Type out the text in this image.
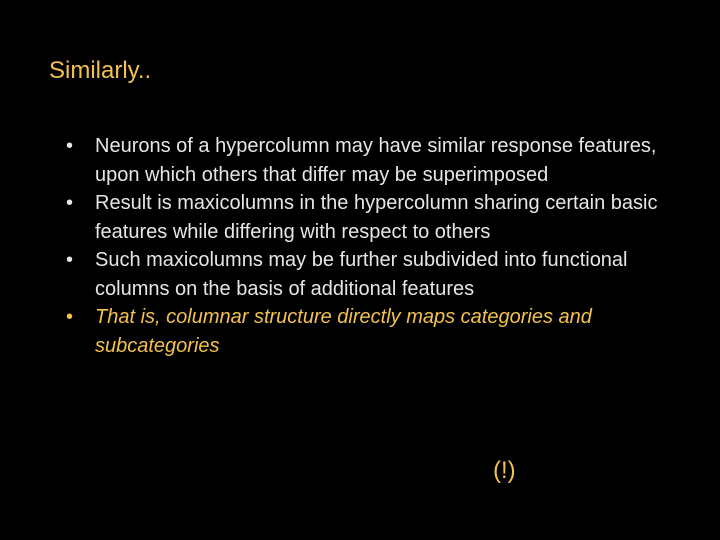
Similarly..
•	Neurons of a hypercolumn may have similar response features, upon which others that differ may be superimposed
•	Result is maxicolumns in the hypercolumn sharing certain basic features while differing with respect to others
•	Such maxicolumns may be further subdivided into functional columns on the basis of additional features
•	That is, columnar structure directly maps categories and subcategories
(!)
